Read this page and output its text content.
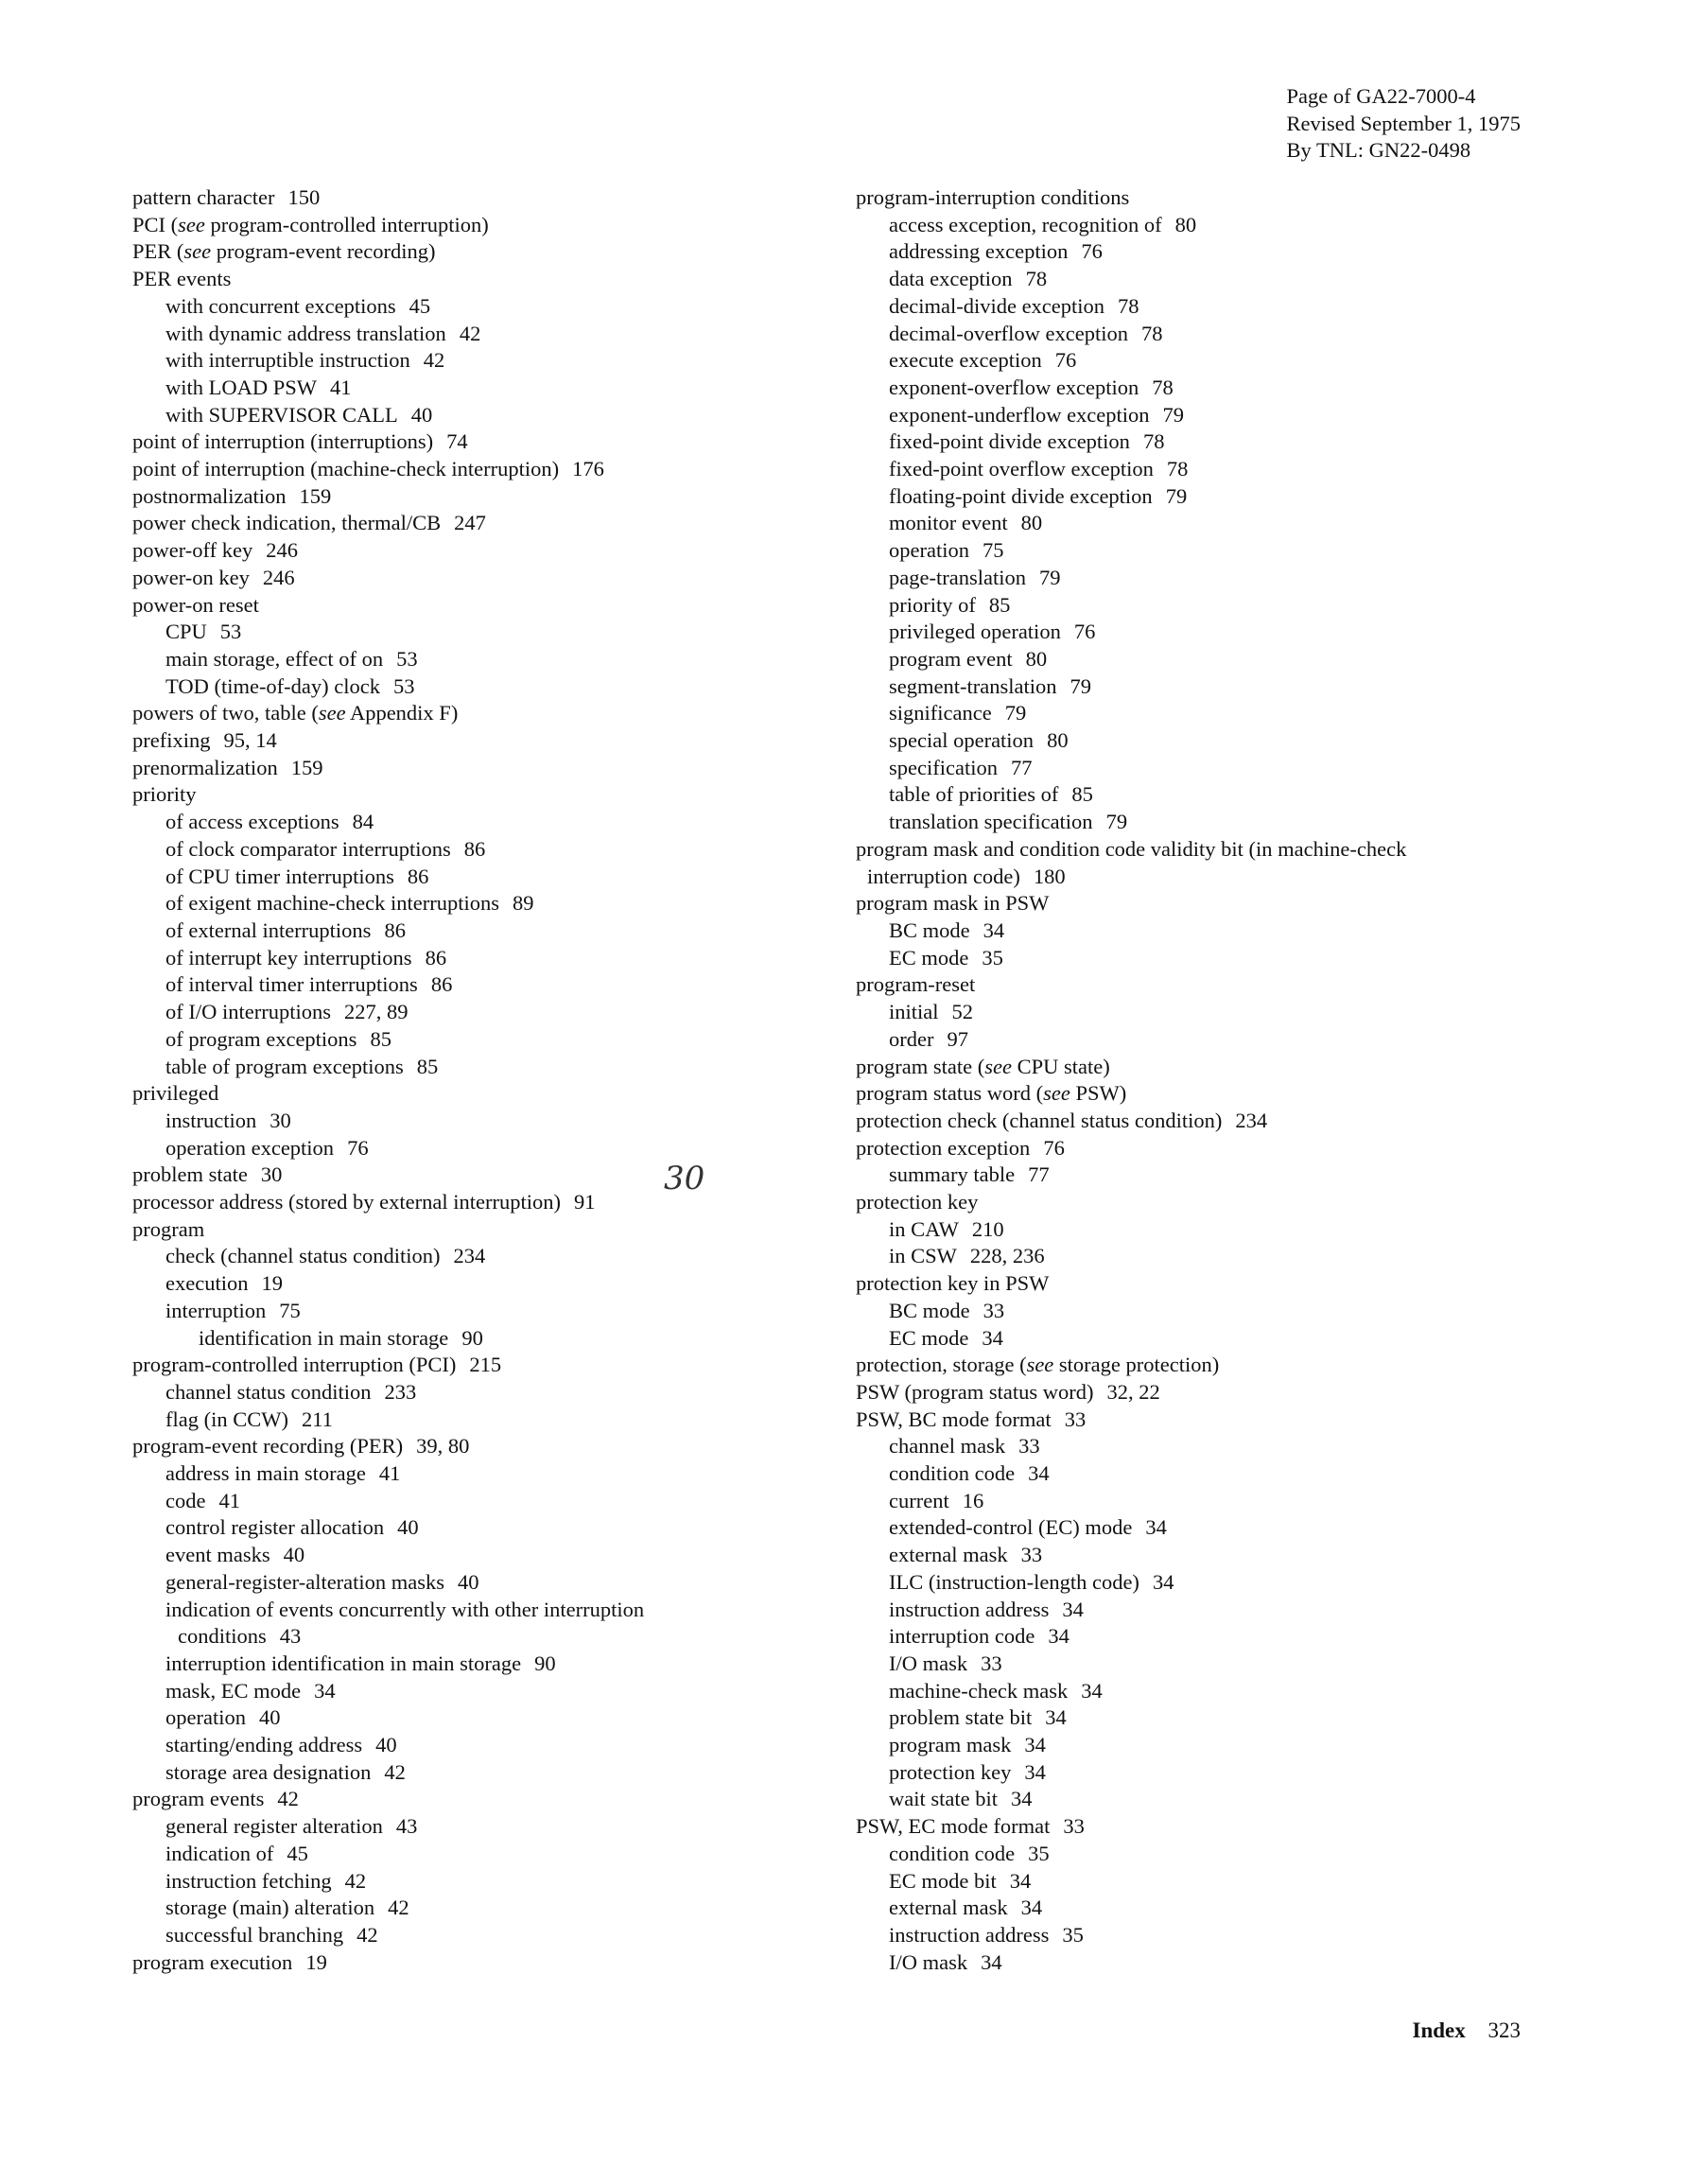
Page of GA22-7000-4
Revised September 1, 1975
By TNL: GN22-0498
pattern character 150
PCI (see program-controlled interruption)
PER (see program-event recording)
PER events
with concurrent exceptions 45
with dynamic address translation 42
with interruptible instruction 42
with LOAD PSW 41
with SUPERVISOR CALL 40
point of interruption (interruptions) 74
point of interruption (machine-check interruption) 176
postnormalization 159
power check indication, thermal/CB 247
power-off key 246
power-on key 246
power-on reset
CPU 53
main storage, effect of on 53
TOD (time-of-day) clock 53
powers of two, table (see Appendix F)
prefixing 95, 14
prenormalization 159
priority
of access exceptions 84
of clock comparator interruptions 86
of CPU timer interruptions 86
of exigent machine-check interruptions 89
of external interruptions 86
of interrupt key interruptions 86
of interval timer interruptions 86
of I/O interruptions 227, 89
of program exceptions 85
table of program exceptions 85
privileged
instruction 30
operation exception 76
problem state 30
processor address (stored by external interruption) 91
program
check (channel status condition) 234
execution 19
interruption 75
identification in main storage 90
program-controlled interruption (PCI) 215
channel status condition 233
flag (in CCW) 211
program-event recording (PER) 39, 80
address in main storage 41
code 41
control register allocation 40
event masks 40
general-register-alteration masks 40
indication of events concurrently with other interruption
conditions 43
interruption identification in main storage 90
mask, EC mode 34
operation 40
starting/ending address 40
storage area designation 42
program events 42
general register alteration 43
indication of 45
instruction fetching 42
storage (main) alteration 42
successful branching 42
program execution 19
program-interruption conditions
access exception, recognition of 80
addressing exception 76
data exception 78
decimal-divide exception 78
decimal-overflow exception 78
execute exception 76
exponent-overflow exception 78
exponent-underflow exception 79
fixed-point divide exception 78
fixed-point overflow exception 78
floating-point divide exception 79
monitor event 80
operation 75
page-translation 79
priority of 85
privileged operation 76
program event 80
segment-translation 79
significance 79
special operation 80
specification 77
table of priorities of 85
translation specification 79
program mask and condition code validity bit (in machine-check
interruption code) 180
program mask in PSW
BC mode 34
EC mode 35
program-reset
initial 52
order 97
program state (see CPU state)
program status word (see PSW)
protection check (channel status condition) 234
protection exception 76
summary table 77
protection key
in CAW 210
in CSW 228, 236
protection key in PSW
BC mode 33
EC mode 34
protection, storage (see storage protection)
PSW (program status word) 32, 22
PSW, BC mode format 33
channel mask 33
condition code 34
current 16
extended-control (EC) mode 34
external mask 33
ILC (instruction-length code) 34
instruction address 34
interruption code 34
I/O mask 33
machine-check mask 34
problem state bit 34
program mask 34
protection key 34
wait state bit 34
PSW, EC mode format 33
condition code 35
EC mode bit 34
external mask 34
instruction address 35
I/O mask 34
30
Index 323
